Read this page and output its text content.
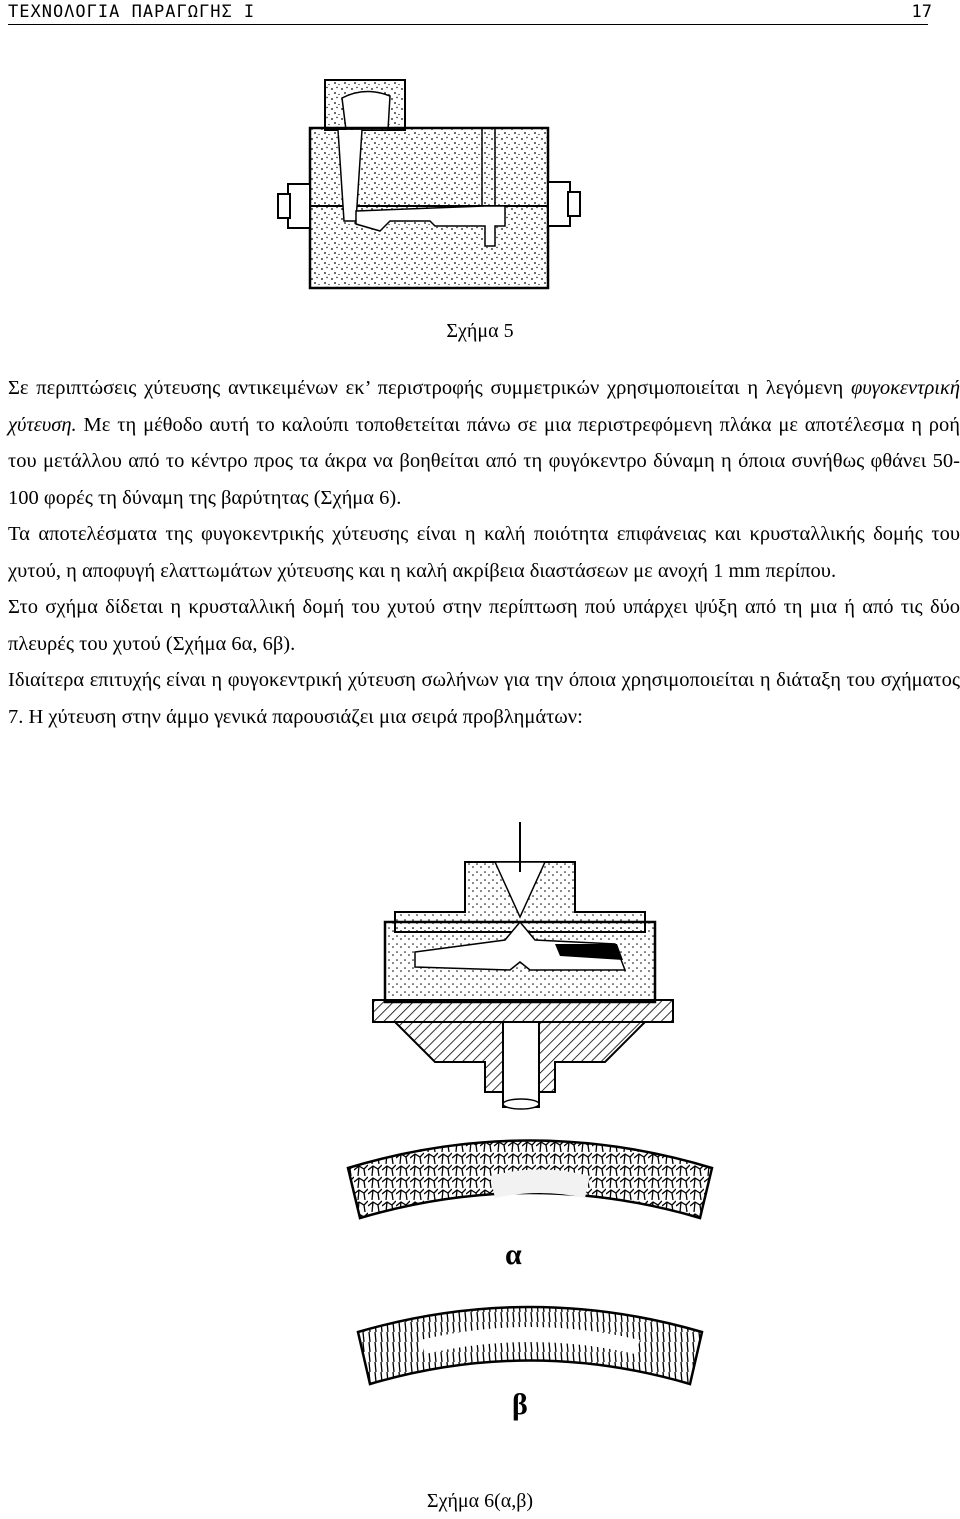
ΤΕΧΝΟΛΟΓΙΑ ΠΑΡΑΓΩΓΗΣ Ι	17
Σχήμα 5

Σε περιπτώσεις χύτευσης αντικειμένων εκ’ περιστροφής συμμετρικών χρησιμοποιείται η λεγόμενη φυγοκεντρική χύτευση. Με τη μέθοδο αυτή το καλούπι τοποθετείται πάνω σε μια περιστρεφόμενη πλάκα με αποτέλεσμα η ροή του μετάλλου από το κέντρο προς τα άκρα να βοηθείται από τη φυγόκεντρο δύναμη η όποια συνήθως φθάνει 50-100 φορές τη δύναμη της βαρύτητας (Σχήμα 6).

Τα αποτελέσματα της φυγοκεντρικής χύτευσης είναι η καλή ποιότητα επιφάνειας και κρυσταλλικής δομής του χυτού, η αποφυγή ελαττωμάτων χύτευσης και η καλή ακρίβεια διαστάσεων με ανοχή 1 mm περίπου.

Στο σχήμα δίδεται η κρυσταλλική δομή του χυτού στην περίπτωση πού υπάρχει ψύξη από τη μια ή από τις δύο πλευρές του χυτού (Σχήμα 6α, 6β).

Ιδιαίτερα επιτυχής είναι η φυγοκεντρική χύτευση σωλήνων για την όποια χρησιμοποιείται η διάταξη του σχήματος 7. Η χύτευση στην άμμο γενικά παρουσιάζει μια σειρά προβλημάτων:

α
β
Σχήμα 6(α,β)
